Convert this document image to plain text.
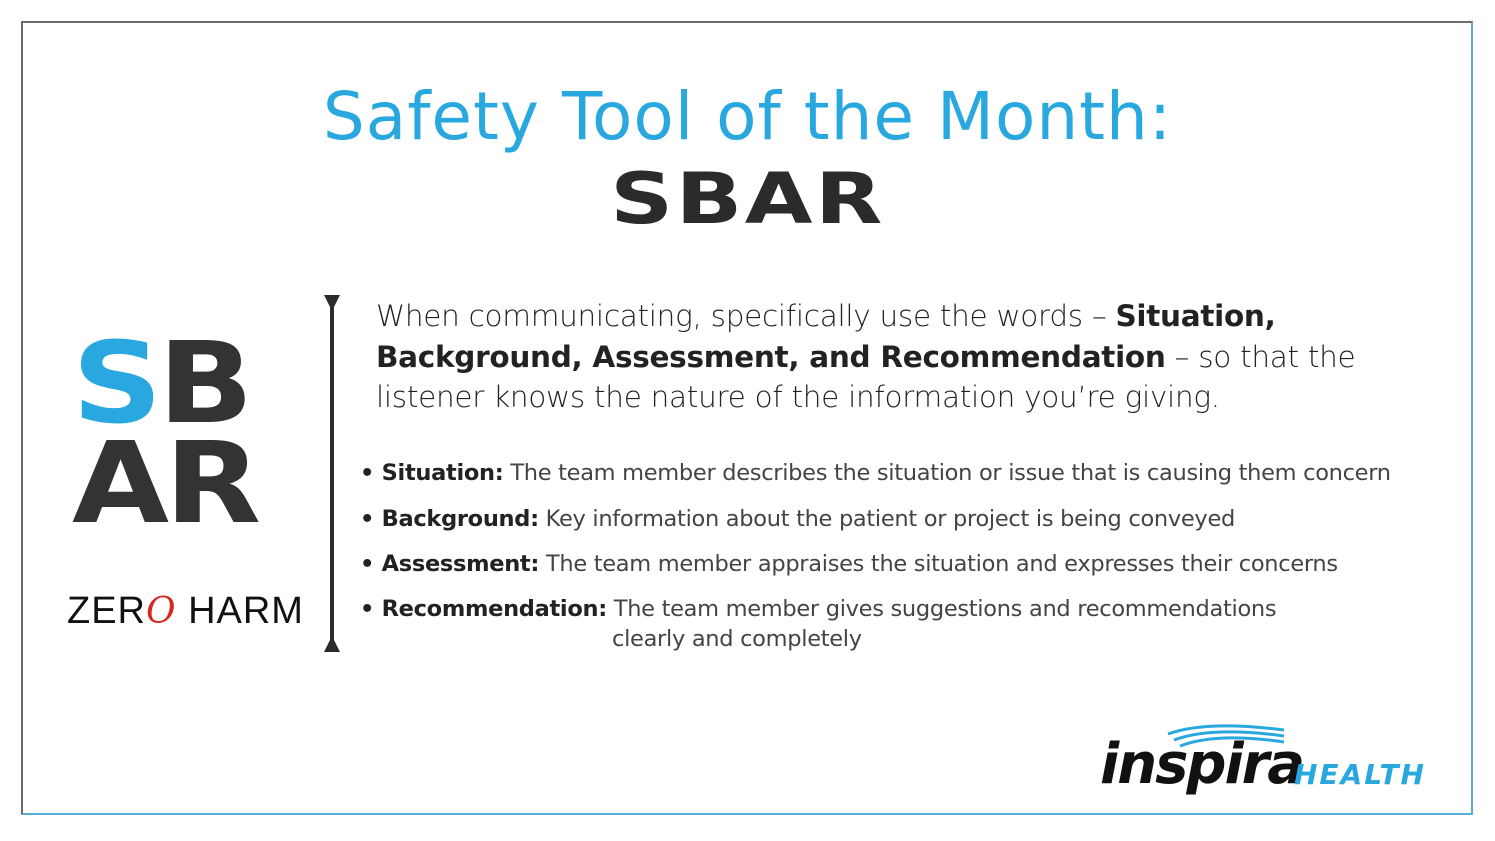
Safety Tool of the Month:
SBAR
SB
AR
ZERO HARM
When communicating, specifically use the words – Situation, Background, Assessment, and Recommendation – so that the listener knows the nature of the information you’re giving.
• Situation: The team member describes the situation or issue that is causing them concern
• Background: Key information about the patient or project is being conveyed
• Assessment: The team member appraises the situation and expresses their concerns
• Recommendation: The team member gives suggestions and recommendations
clearly and completely
inspira
HEALTH
